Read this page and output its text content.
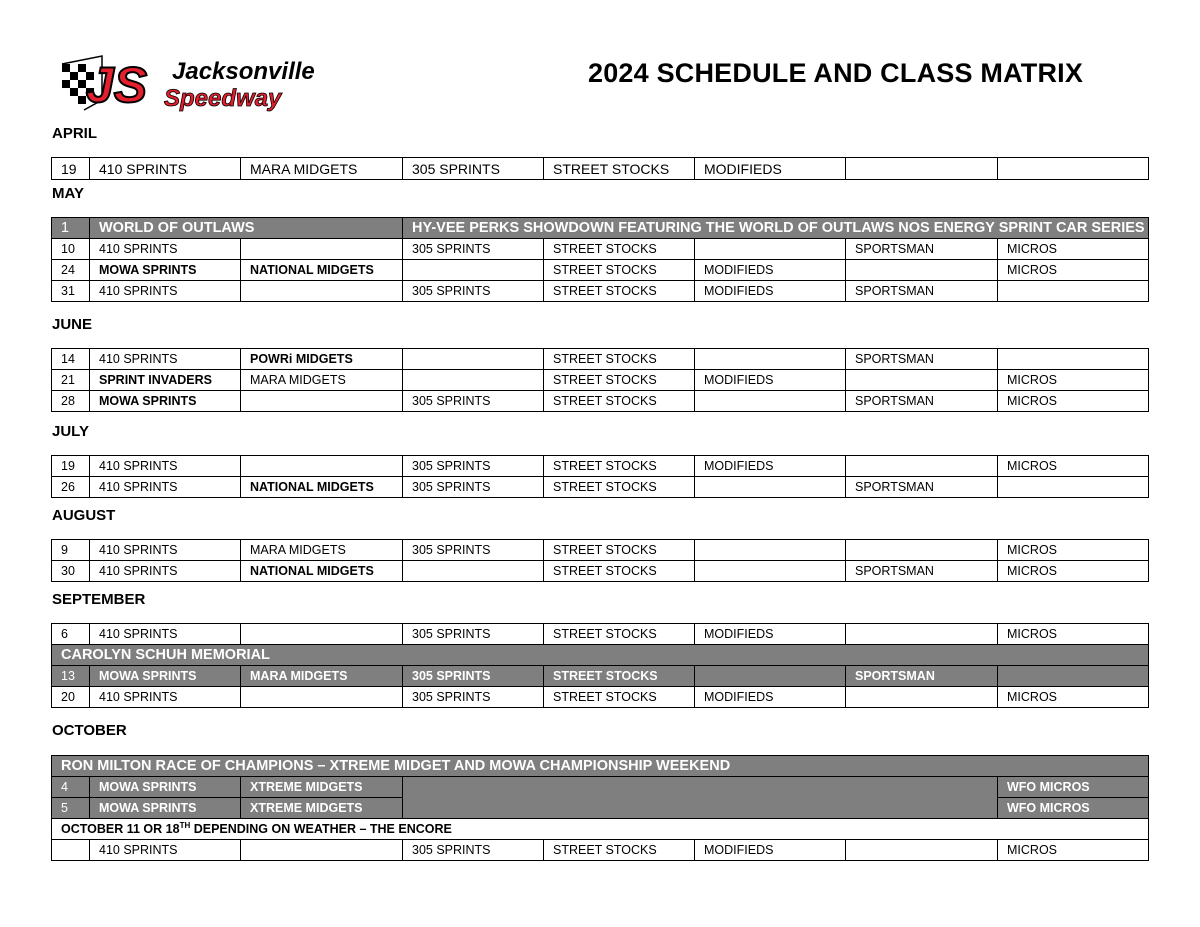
JS Jacksonville
Speedway
2024 SCHEDULE AND CLASS MATRIX
APRIL
19	410 SPRINTS	MARA MIDGETS	305 SPRINTS	STREET STOCKS	MODIFIEDS		
MAY
1	WORLD OF OUTLAWS		HY-VEE PERKS SHOWDOWN FEATURING THE WORLD OF OUTLAWS NOS ENERGY SPRINT CAR SERIES				
10	410 SPRINTS		305 SPRINTS	STREET STOCKS		SPORTSMAN	MICROS
24	MOWA SPRINTS	NATIONAL MIDGETS		STREET STOCKS	MODIFIEDS		MICROS
31	410 SPRINTS		305 SPRINTS	STREET STOCKS	MODIFIEDS	SPORTSMAN	
JUNE
14	410 SPRINTS	POWRi MIDGETS		STREET STOCKS		SPORTSMAN	
21	SPRINT INVADERS	MARA MIDGETS		STREET STOCKS	MODIFIEDS		MICROS
28	MOWA SPRINTS		305 SPRINTS	STREET STOCKS		SPORTSMAN	MICROS
JULY
19	410 SPRINTS		305 SPRINTS	STREET STOCKS	MODIFIEDS		MICROS
26	410 SPRINTS	NATIONAL MIDGETS	305 SPRINTS	STREET STOCKS		SPORTSMAN	
AUGUST
9	410 SPRINTS	MARA MIDGETS	305 SPRINTS	STREET STOCKS			MICROS
30	410 SPRINTS	NATIONAL MIDGETS		STREET STOCKS		SPORTSMAN	MICROS
SEPTEMBER
6	410 SPRINTS		305 SPRINTS	STREET STOCKS	MODIFIEDS		MICROS
CAROLYN SCHUH MEMORIAL							
13	MOWA SPRINTS	MARA MIDGETS	305 SPRINTS	STREET STOCKS		SPORTSMAN	
20	410 SPRINTS		305 SPRINTS	STREET STOCKS	MODIFIEDS		MICROS
OCTOBER
RON MILTON RACE OF CHAMPIONS – XTREME MIDGET AND MOWA CHAMPIONSHIP WEEKEND							
4	MOWA SPRINTS	XTREME MIDGETS					WFO MICROS
5	MOWA SPRINTS	XTREME MIDGETS					WFO MICROS
OCTOBER 11 OR 18TH DEPENDING ON WEATHER – THE ENCORE							
	410 SPRINTS		305 SPRINTS	STREET STOCKS	MODIFIEDS		MICROS
